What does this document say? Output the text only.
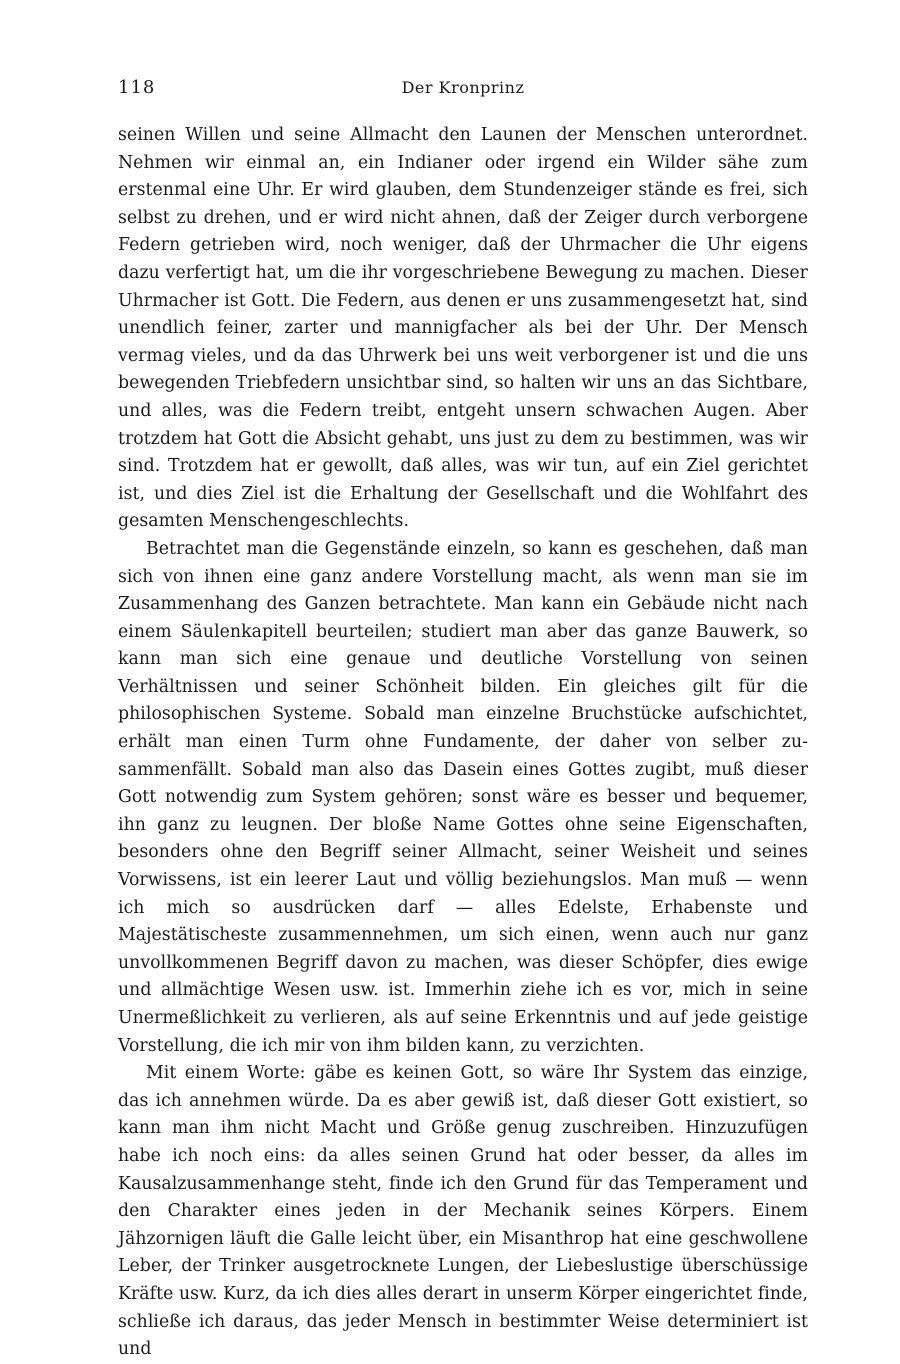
118	Der Kronprinz

seinen Willen und seine Allmacht den Launen der Menschen unterordnet. Nehmen wir einmal an, ein Indianer oder irgend ein Wilder sähe zum erstenmal eine Uhr. Er wird glauben, dem Stundenzeiger stände es frei, sich selbst zu drehen, und er wird nicht ahnen, daß der Zeiger durch verborgene Federn getrieben wird, noch weniger, daß der Uhrmacher die Uhr eigens dazu verfertigt hat, um die ihr vorgeschriebene Bewegung zu machen. Dieser Uhrmacher ist Gott. Die Federn, aus denen er uns zusammengesetzt hat, sind unendlich feiner, zarter und mannigfacher als bei der Uhr. Der Mensch vermag vieles, und da das Uhrwerk bei uns weit verborgener ist und die uns bewegenden Triebfedern unsichtbar sind, so halten wir uns an das Sichtbare, und alles, was die Federn treibt, entgeht unsern schwachen Augen. Aber trotzdem hat Gott die Absicht gehabt, uns just zu dem zu bestimmen, was wir sind. Trotzdem hat er gewollt, daß alles, was wir tun, auf ein Ziel gerichtet ist, und dies Ziel ist die Erhaltung der Gesellschaft und die Wohlfahrt des gesamten Menschengeschlechts.

Betrachtet man die Gegenstände einzeln, so kann es geschehen, daß man sich von ihnen eine ganz andere Vorstellung macht, als wenn man sie im Zusammenhang des Ganzen betrachtete. Man kann ein Gebäude nicht nach einem Säulenkapitell beurteilen; studiert man aber das ganze Bauwerk, so kann man sich eine genaue und deutliche Vorstellung von seinen Verhältnissen und seiner Schönheit bilden. Ein gleiches gilt für die philosophischen Systeme. Sobald man einzelne Bruchstücke aufschichtet, erhält man einen Turm ohne Fundamente, der daher von selber zusammenfällt. Sobald man also das Dasein eines Gottes zugibt, muß dieser Gott notwendig zum System gehören; sonst wäre es besser und bequemer, ihn ganz zu leugnen. Der bloße Name Gottes ohne seine Eigenschaften, besonders ohne den Begriff seiner Allmacht, seiner Weisheit und seines Vorwissens, ist ein leerer Laut und völlig beziehungslos. Man muß — wenn ich mich so ausdrücken darf — alles Edelste, Erhabenste und Majestätischeste zusammennehmen, um sich einen, wenn auch nur ganz unvollkommenen Begriff davon zu machen, was dieser Schöpfer, dies ewige und allmächtige Wesen usw. ist. Immerhin ziehe ich es vor, mich in seine Unermeßlichkeit zu verlieren, als auf seine Erkenntnis und auf jede geistige Vorstellung, die ich mir von ihm bilden kann, zu verzichten.

Mit einem Worte: gäbe es keinen Gott, so wäre Ihr System das einzige, das ich annehmen würde. Da es aber gewiß ist, daß dieser Gott existiert, so kann man ihm nicht Macht und Größe genug zuschreiben. Hinzuzufügen habe ich noch eins: da alles seinen Grund hat oder besser, da alles im Kausalzusammenhange steht, finde ich den Grund für das Temperament und den Charakter eines jeden in der Mechanik seines Körpers. Einem Jähzornigen läuft die Galle leicht über, ein Misanthrop hat eine geschwollene Leber, der Trinker ausgetrocknete Lungen, der Liebeslustige überschüssige Kräfte usw. Kurz, da ich dies alles derart in unserm Körper eingerichtet finde, schließe ich daraus, das jeder Mensch in bestimmter Weise determiniert ist und
